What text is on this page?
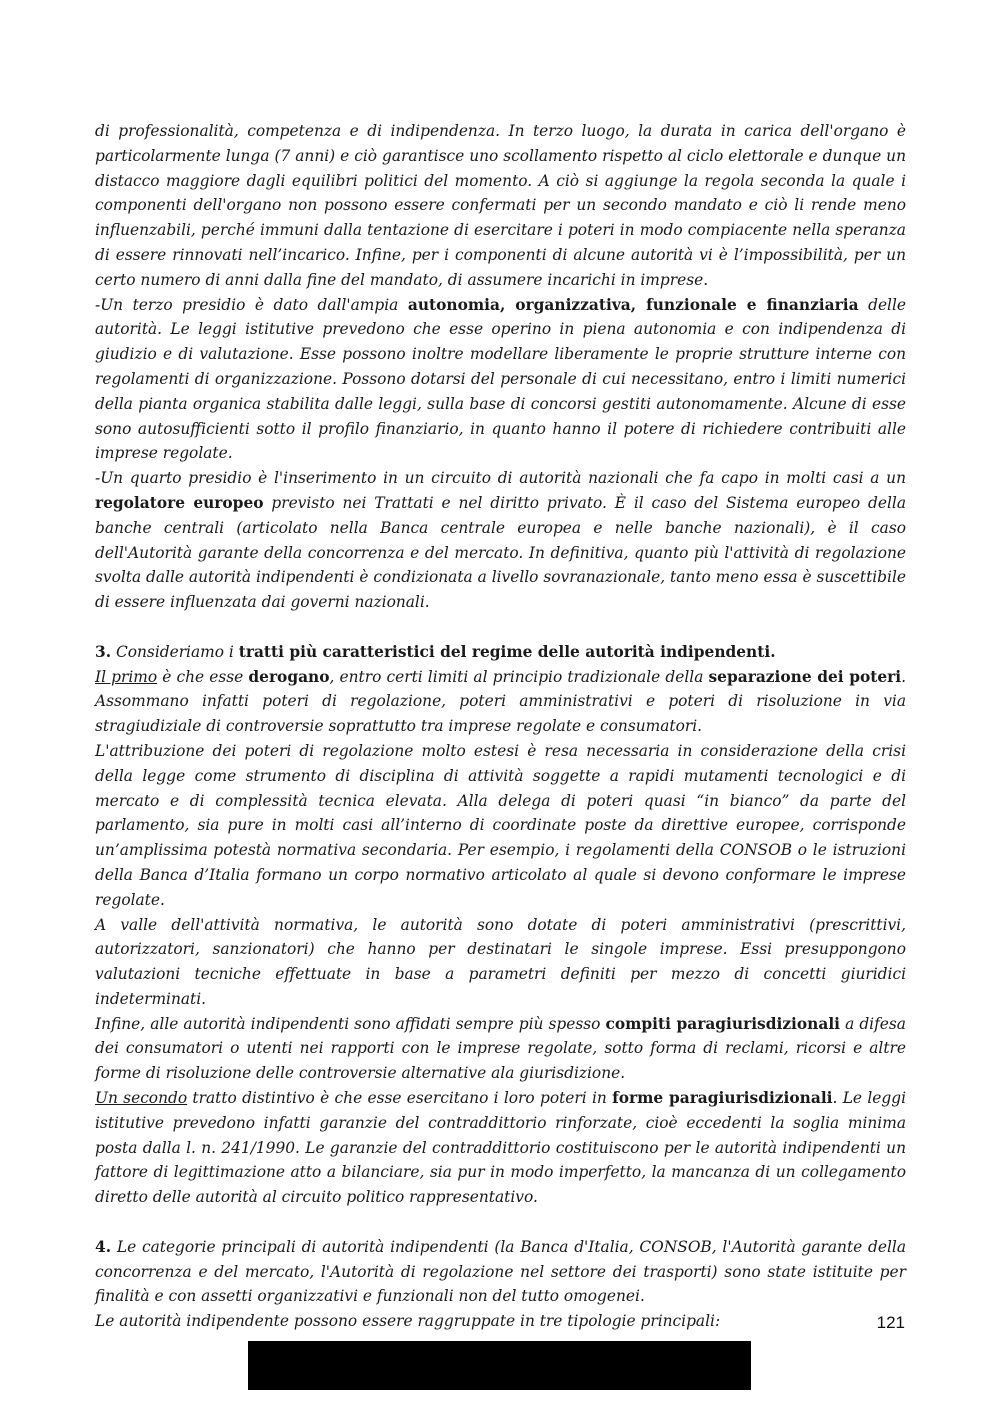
di professionalità, competenza e di indipendenza. In terzo luogo, la durata in carica dell'organo è particolarmente lunga (7 anni) e ciò garantisce uno scollamento rispetto al ciclo elettorale e dunque un distacco maggiore dagli equilibri politici del momento. A ciò si aggiunge la regola seconda la quale i componenti dell'organo non possono essere confermati per un secondo mandato e ciò li rende meno influenzabili, perché immuni dalla tentazione di esercitare i poteri in modo compiacente nella speranza di essere rinnovati nell’incarico. Infine, per i componenti di alcune autorità vi è l’impossibilità, per un certo numero di anni dalla fine del mandato, di assumere incarichi in imprese.

-Un terzo presidio è dato dall'ampia autonomia, organizzativa, funzionale e finanziaria delle autorità. Le leggi istitutive prevedono che esse operino in piena autonomia e con indipendenza di giudizio e di valutazione. Esse possono inoltre modellare liberamente le proprie strutture interne con regolamenti di organizzazione. Possono dotarsi del personale di cui necessitano, entro i limiti numerici della pianta organica stabilita dalle leggi, sulla base di concorsi gestiti autonomamente. Alcune di esse sono autosufficienti sotto il profilo finanziario, in quanto hanno il potere di richiedere contribuiti alle imprese regolate.

-Un quarto presidio è l'inserimento in un circuito di autorità nazionali che fa capo in molti casi a un regolatore europeo previsto nei Trattati e nel diritto privato. È il caso del Sistema europeo della banche centrali (articolato nella Banca centrale europea e nelle banche nazionali), è il caso dell'Autorità garante della concorrenza e del mercato. In definitiva, quanto più l'attività di regolazione svolta dalle autorità indipendenti è condizionata a livello sovranazionale, tanto meno essa è suscettibile di essere influenzata dai governi nazionali.

3. Consideriamo i tratti più caratteristici del regime delle autorità indipendenti.

Il primo è che esse derogano, entro certi limiti al principio tradizionale della separazione dei poteri. Assommano infatti poteri di regolazione, poteri amministrativi e poteri di risoluzione in via stragiudiziale di controversie soprattutto tra imprese regolate e consumatori.

L'attribuzione dei poteri di regolazione molto estesi è resa necessaria in considerazione della crisi della legge come strumento di disciplina di attività soggette a rapidi mutamenti tecnologici e di mercato e di complessità tecnica elevata. Alla delega di poteri quasi “in bianco” da parte del parlamento, sia pure in molti casi all’interno di coordinate poste da direttive europee, corrisponde un’amplissima potestà normativa secondaria. Per esempio, i regolamenti della CONSOB o le istruzioni della Banca d’Italia formano un corpo normativo articolato al quale si devono conformare le imprese regolate.

A valle dell'attività normativa, le autorità sono dotate di poteri amministrativi (prescrittivi, autorizzatori, sanzionatori) che hanno per destinatari le singole imprese. Essi presuppongono valutazioni tecniche effettuate in base a parametri definiti per mezzo di concetti giuridici indeterminati.

Infine, alle autorità indipendenti sono affidati sempre più spesso compiti paragiurisdizionali a difesa dei consumatori o utenti nei rapporti con le imprese regolate, sotto forma di reclami, ricorsi e altre forme di risoluzione delle controversie alternative ala giurisdizione.

Un secondo tratto distintivo è che esse esercitano i loro poteri in forme paragiurisdizionali. Le leggi istitutive prevedono infatti garanzie del contraddittorio rinforzate, cioè eccedenti la soglia minima posta dalla l. n. 241/1990. Le garanzie del contraddittorio costituiscono per le autorità indipendenti un fattore di legittimazione atto a bilanciare, sia pur in modo imperfetto, la mancanza di un collegamento diretto delle autorità al circuito politico rappresentativo.

4. Le categorie principali di autorità indipendenti (la Banca d'Italia, CONSOB, l'Autorità garante della concorrenza e del mercato, l'Autorità di regolazione nel settore dei trasporti) sono state istituite per finalità e con assetti organizzativi e funzionali non del tutto omogenei.

Le autorità indipendente possono essere raggruppate in tre tipologie principali:	121
